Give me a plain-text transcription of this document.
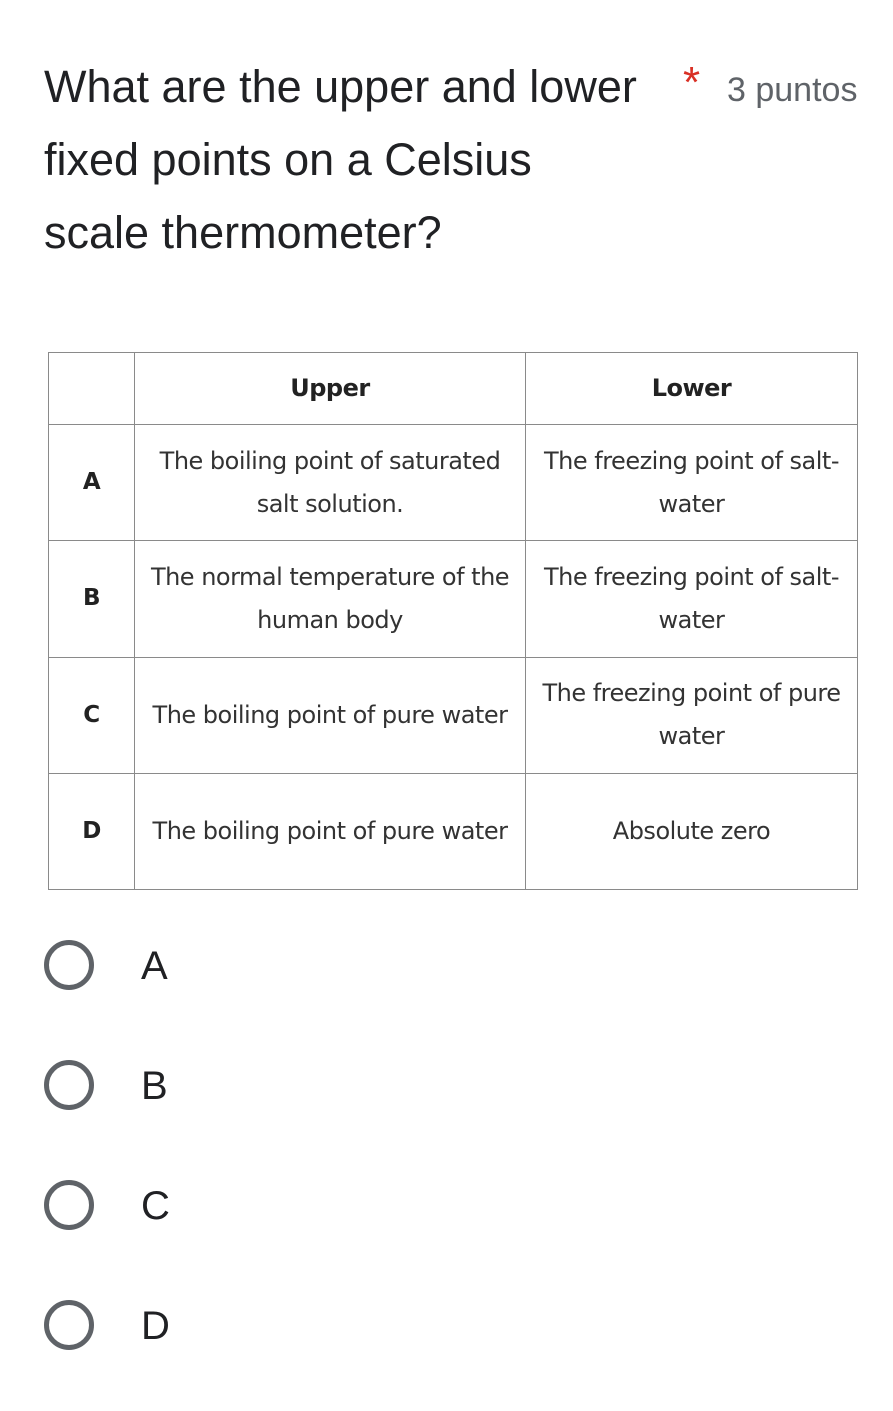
What are the upper and lower
fixed points on a Celsius
scale thermometer?
* 3 puntos
	Upper	Lower
A	The boiling point of saturated salt solution.	The freezing point of salt-water
B	The normal temperature of the human body	The freezing point of salt-water
C	The boiling point of pure water	The freezing point of pure water
D	The boiling point of pure water	Absolute zero
A
B
C
D
